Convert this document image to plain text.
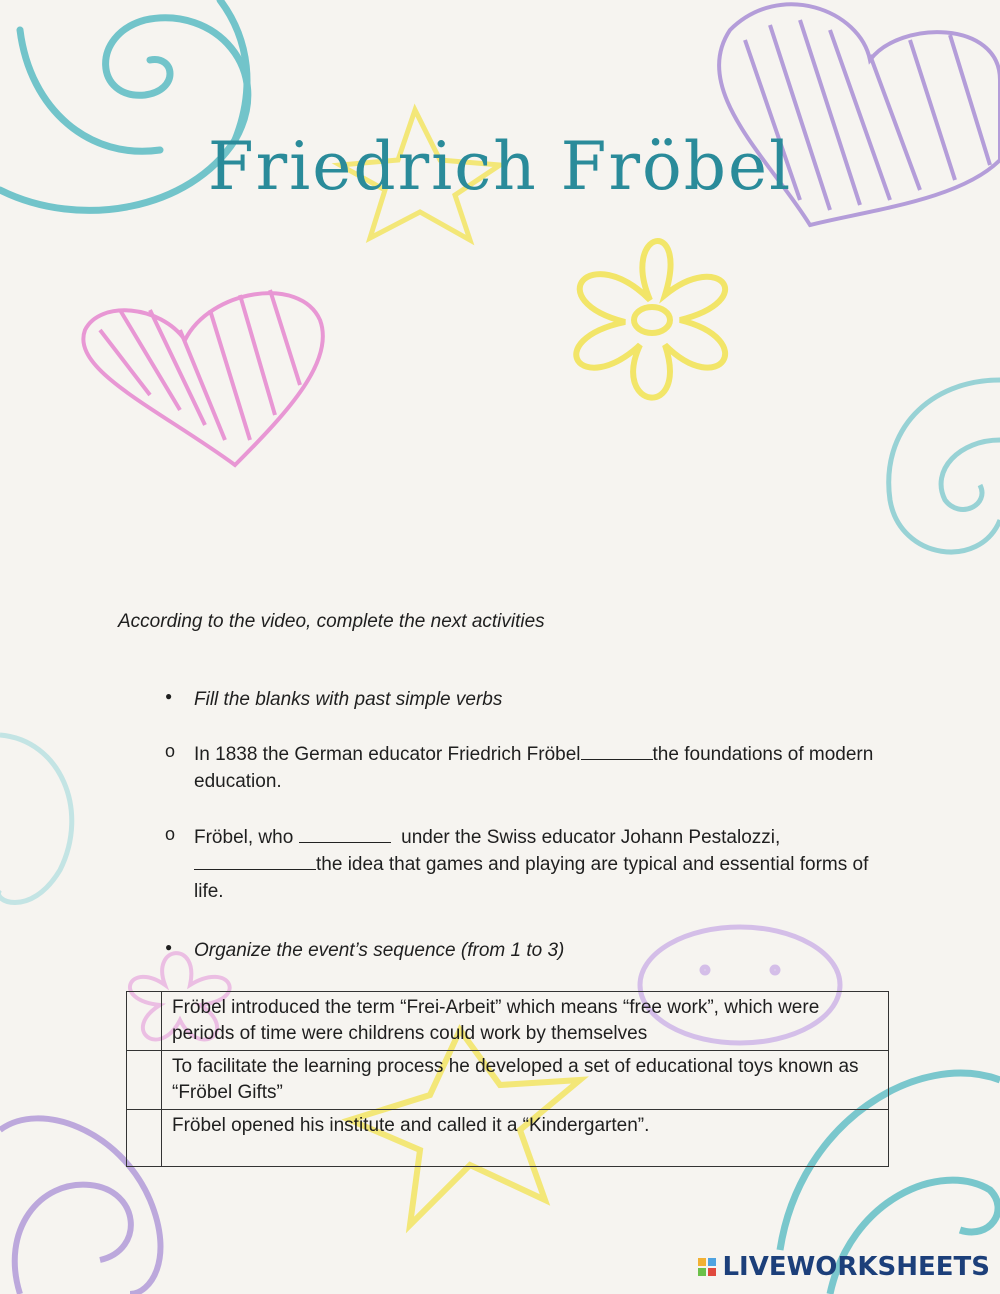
Friedrich Fröbel

According to the video, complete the next activities

●
Fill the blanks with past simple verbs
o
In 1838 the German educator Friedrich Fröbel	the foundations of modern education.
o
Fröbel, who	under the Swiss educator Johann Pestalozzi, the idea that games and playing are typical and essential forms of life.
●
Organize the event’s sequence (from 1 to 3)
	Fröbel introduced the term “Frei-Arbeit” which means “free work”, which were periods of time were childrens could work by themselves
	To facilitate the learning process he developed a set of educational toys known as “Fröbel Gifts”
	Fröbel opened his institute and called it a “Kindergarten”.
LIVEWORKSHEETS
